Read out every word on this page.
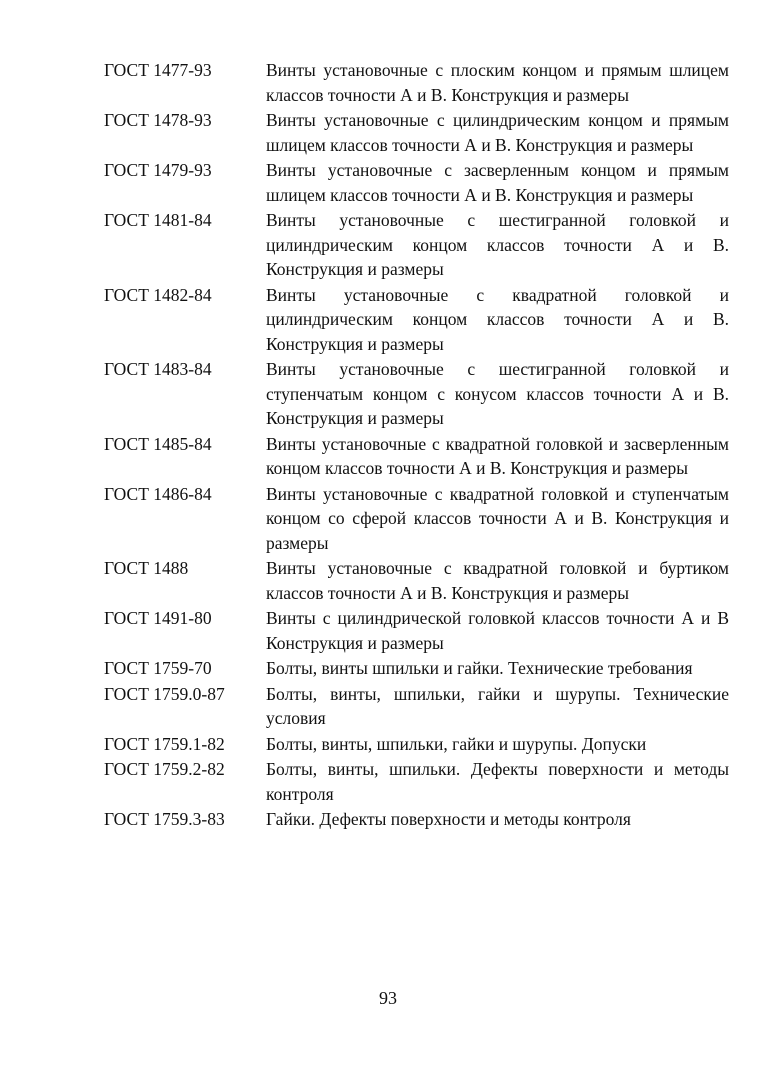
ГОСТ 1477-93	Винты установочные с плоским концом и прямым шлицем классов точности А и В. Конструкция и размеры
ГОСТ 1478-93	Винты установочные с цилиндрическим концом и прямым шлицем классов точности А и В. Конструкция и размеры
ГОСТ 1479-93	Винты установочные с засверленным концом и прямым шлицем классов точности А и В. Конструкция и размеры
ГОСТ 1481-84	Винты установочные с шестигранной головкой и цилиндрическим концом классов точности А и В. Конструкция и размеры
ГОСТ 1482-84	Винты установочные с квадратной головкой и цилиндрическим концом классов точности А и В. Конструкция и размеры
ГОСТ 1483-84	Винты установочные с шестигранной головкой и ступенчатым концом с конусом классов точности А и В. Конструкция и размеры
ГОСТ 1485-84	Винты установочные с квадратной головкой и засверленным концом классов точности А и В. Конструкция и размеры
ГОСТ 1486-84	Винты установочные с квадратной головкой и ступенчатым концом со сферой классов точности А и В. Конструкция и размеры
ГОСТ 1488	Винты установочные с квадратной головкой и буртиком классов точности А и В. Конструкция и размеры
ГОСТ 1491-80	Винты с цилиндрической головкой классов точности А и В Конструкция и размеры
ГОСТ 1759-70	Болты, винты шпильки и гайки. Технические требования
ГОСТ 1759.0-87	Болты, винты, шпильки, гайки и шурупы. Технические условия
ГОСТ 1759.1-82	Болты, винты, шпильки, гайки и шурупы. Допуски
ГОСТ 1759.2-82	Болты, винты, шпильки. Дефекты поверхности и методы контроля
ГОСТ 1759.3-83	Гайки. Дефекты поверхности и методы контроля
93
